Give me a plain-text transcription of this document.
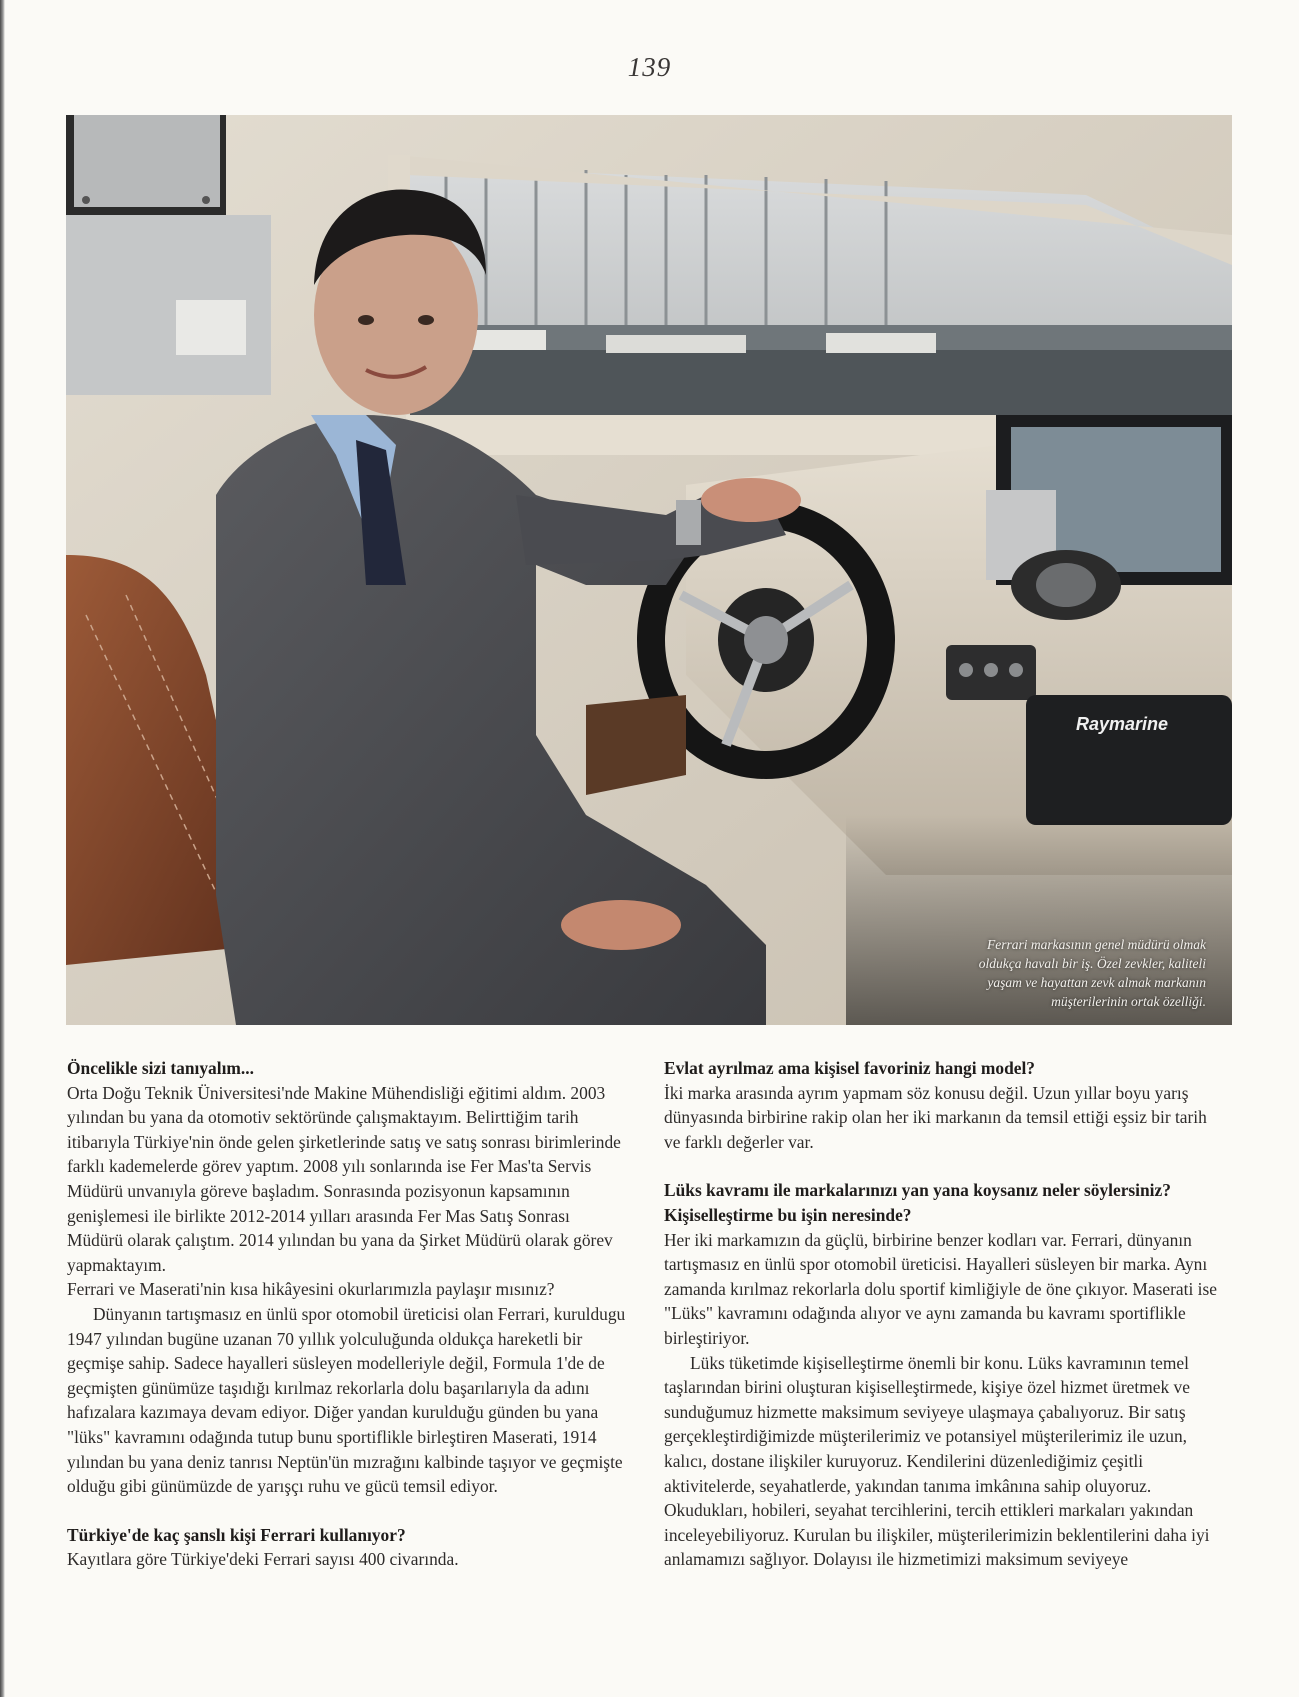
139
Raymarine
Ferrari markasının genel müdürü olmak oldukça havalı bir iş. Özel zevkler, kaliteli yaşam ve hayattan zevk almak markanın müşterilerinin ortak özelliği.

Öncelikle sizi tanıyalım...

Orta Doğu Teknik Üniversitesi'nde Makine Mühendisliği eğitimi aldım. 2003 yılından bu yana da otomotiv sektöründe çalışmaktayım. Belirttiğim tarih itibarıyla Türkiye'nin önde gelen şirketlerinde satış ve satış sonrası birimlerinde farklı kademelerde görev yaptım. 2008 yılı sonlarında ise Fer Mas'ta Servis Müdürü unvanıyla göreve başladım. Sonrasında pozisyonun kapsamının genişlemesi ile birlikte 2012-2014 yılları arasında Fer Mas Satış Sonrası Müdürü olarak çalıştım. 2014 yılından bu yana da Şirket Müdürü olarak görev yapmaktayım.

Ferrari ve Maserati'nin kısa hikâyesini okurlarımızla paylaşır mısınız?

Dünyanın tartışmasız en ünlü spor otomobil üreticisi olan Ferrari, kuruldugu 1947 yılından bugüne uzanan 70 yıllık yolculuğunda oldukça hareketli bir geçmişe sahip. Sadece hayalleri süsleyen modelleriyle değil, Formula 1'de de geçmişten günümüze taşıdığı kırılmaz rekorlarla dolu başarılarıyla da adını hafızalara kazımaya devam ediyor. Diğer yandan kurulduğu günden bu yana "lüks" kavramını odağında tutup bunu sportiflikle birleştiren Maserati, 1914 yılından bu yana deniz tanrısı Neptün'ün mızrağını kalbinde taşıyor ve geçmişte olduğu gibi günümüzde de yarışçı ruhu ve gücü temsil ediyor.

Türkiye'de kaç şanslı kişi Ferrari kullanıyor?

Kayıtlara göre Türkiye'deki Ferrari sayısı 400 civarında.

Evlat ayrılmaz ama kişisel favoriniz hangi model?

İki marka arasında ayrım yapmam söz konusu değil. Uzun yıllar boyu yarış dünyasında birbirine rakip olan her iki markanın da temsil ettiği eşsiz bir tarih ve farklı değerler var.

Lüks kavramı ile markalarınızı yan yana koysanız neler söylersiniz? Kişiselleştirme bu işin neresinde?

Her iki markamızın da güçlü, birbirine benzer kodları var. Ferrari, dünyanın tartışmasız en ünlü spor otomobil üreticisi. Hayalleri süsleyen bir marka. Aynı zamanda kırılmaz rekorlarla dolu sportif kimliğiyle de öne çıkıyor. Maserati ise "Lüks" kavramını odağında alıyor ve aynı zamanda bu kavramı sportiflikle birleştiriyor.

Lüks tüketimde kişiselleştirme önemli bir konu. Lüks kavramının temel taşlarından birini oluşturan kişiselleştirmede, kişiye özel hizmet üretmek ve sunduğumuz hizmette maksimum seviyeye ulaşmaya çabalıyoruz. Bir satış gerçekleştirdiğimizde müşterilerimiz ve potansiyel müşterilerimiz ile uzun, kalıcı, dostane ilişkiler kuruyoruz. Kendilerini düzenlediğimiz çeşitli aktivitelerde, seyahatlerde, yakından tanıma imkânına sahip oluyoruz. Okudukları, hobileri, seyahat tercihlerini, tercih ettikleri markaları yakından inceleyebiliyoruz. Kurulan bu ilişkiler, müşterilerimizin beklentilerini daha iyi anlamamızı sağlıyor. Dolayısı ile hizmetimizi maksimum seviyeye
